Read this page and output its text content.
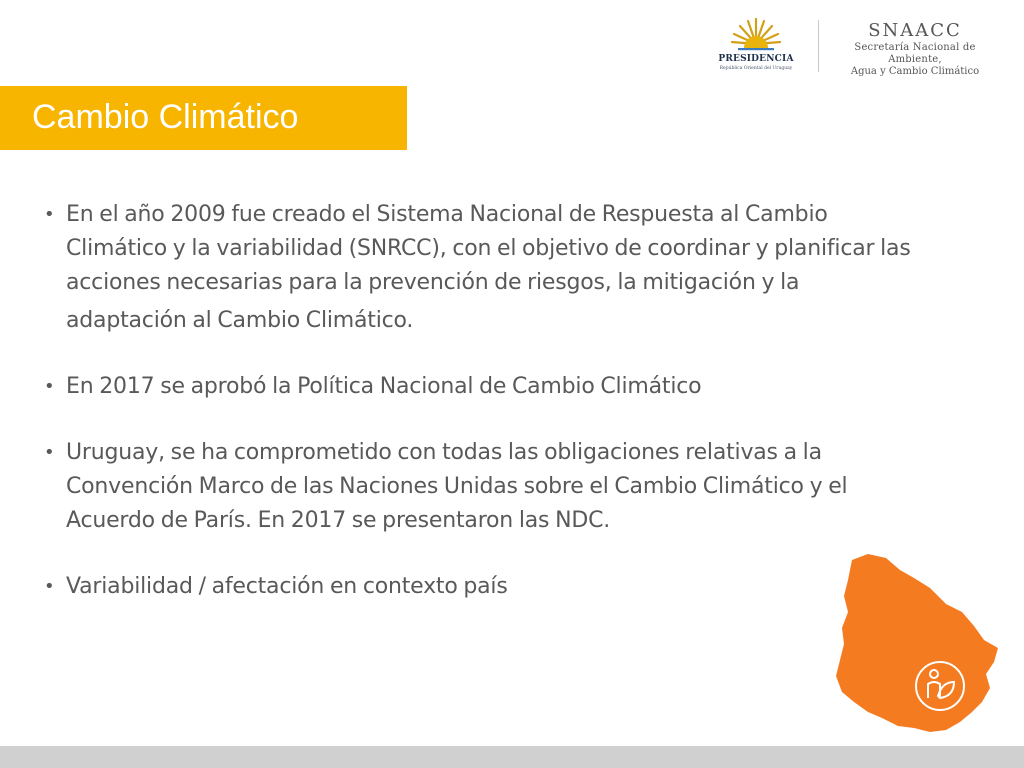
PRESIDENCIA
República Oriental del Uruguay
SNAACC
Secretaría Nacional de Ambiente,
Agua y Cambio Climático
Cambio Climático
• En el año 2009 fue creado el Sistema Nacional de Respuesta al Cambio
Climático y la variabilidad (SNRCC), con el objetivo de coordinar y planificar las
acciones necesarias para la prevención de riesgos, la mitigación y la
adaptación al Cambio Climático.
• En 2017 se aprobó la Política Nacional de Cambio Climático
• Uruguay, se ha comprometido con todas las obligaciones relativas a la
Convención Marco de las Naciones Unidas sobre el Cambio Climático y el
Acuerdo de París. En 2017 se presentaron las NDC.
• Variabilidad / afectación en contexto país
